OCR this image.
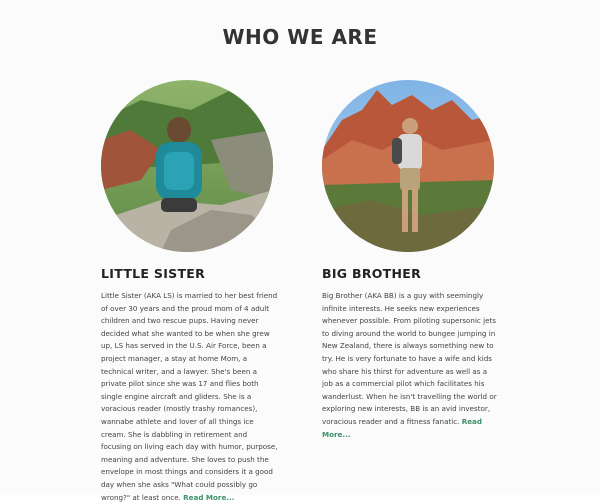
WHO WE ARE
LITTLE SISTER
Little Sister (AKA LS) is married to her best friend of over 30 years and the proud mom of 4 adult children and two rescue pups. Having never decided what she wanted to be when she grew up, LS has served in the U.S. Air Force, been a project manager, a stay at home Mom, a technical writer, and a lawyer. She's been a private pilot since she was 17 and flies both single engine aircraft and gliders. She is a voracious reader (mostly trashy romances), wannabe athlete and lover of all things ice cream. She is dabbling in retirement and focusing on living each day with humor, purpose, meaning and adventure. She loves to push the envelope in most things and considers it a good day when she asks "What could possibly go wrong?" at least once. Read More...
BIG BROTHER
Big Brother (AKA BB) is a guy with seemingly infinite interests. He seeks new experiences whenever possible. From piloting supersonic jets to diving around the world to bungee jumping in New Zealand, there is always something new to try. He is very fortunate to have a wife and kids who share his thirst for adventure as well as a job as a commercial pilot which facilitates his wanderlust. When he isn't travelling the world or exploring new interests, BB is an avid investor, voracious reader and a fitness fanatic. Read More...
